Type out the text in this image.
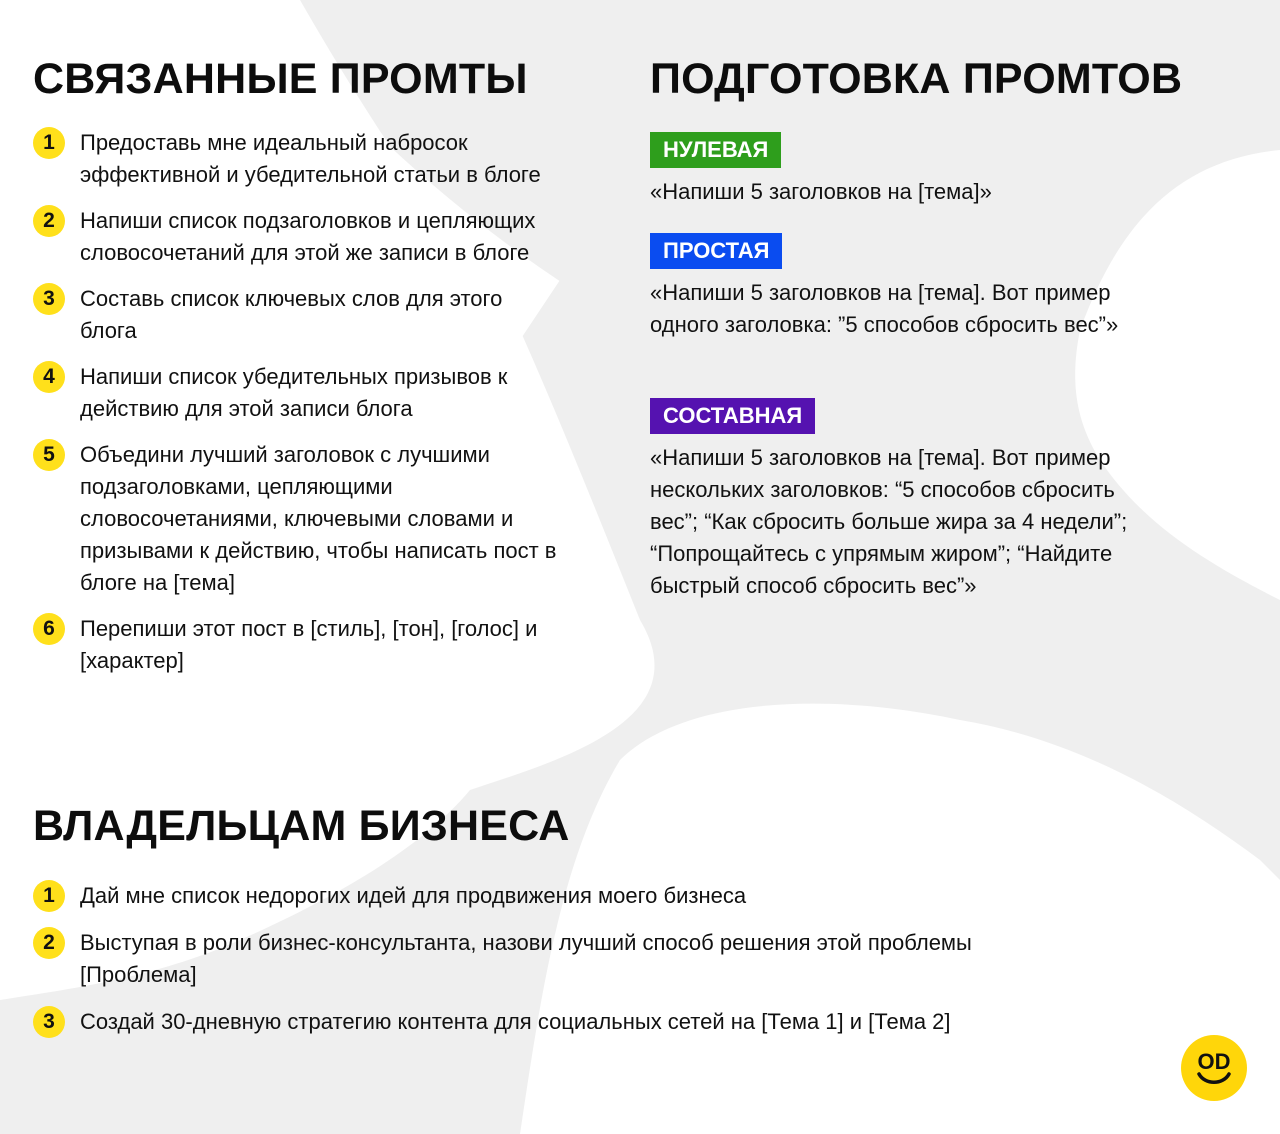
СВЯЗАННЫЕ ПРОМТЫ
1	Предоставь мне идеальный набросок эффективной и убедительной статьи в блоге
2	Напиши список подзаголовков и цепляющих словосочетаний для этой же записи в блоге
3	Составь список ключевых слов для этого блога
4	Напиши список убедительных призывов к действию для этой записи блога
5	Объедини лучший заголовок с лучшими подзаголовками, цепляющими словосочетаниями, ключевыми словами и призывами к действию, чтобы написать пост в блоге на [тема]
6	Перепиши этот пост в [стиль], [тон], [голос] и [характер]
ПОДГОТОВКА ПРОМТОВ
НУЛЕВАЯ

«Напиши 5 заголовков на [тема]»

ПРОСТАЯ

«Напиши 5 заголовков на [тема]. Вот пример одного заголовка: ”5 способов сбросить вес”»

СОСТАВНАЯ

«Напиши 5 заголовков на [тема]. Вот пример нескольких заголовков: “5 способов сбросить вес”; “Как сбросить больше жира за 4 недели”; “Попрощайтесь с упрямым жиром”; “Найдите быстрый способ сбросить вес”»

ВЛАДЕЛЬЦАМ БИЗНЕСА
1	Дай мне список недорогих идей для продвижения моего бизнеса
2	Выступая в роли бизнес-консультанта, назови лучший способ решения этой проблемы [Проблема]
3	Создай 30-дневную стратегию контента для социальных сетей на [Тема 1] и [Тема 2]
OD
